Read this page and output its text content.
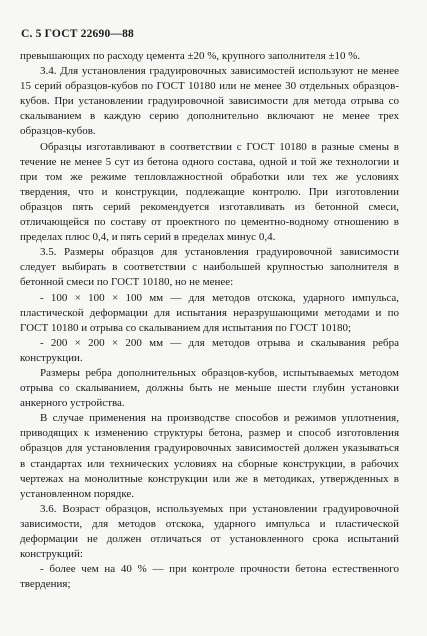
С. 5 ГОСТ 22690—88

превышающих по расходу цемента ±20 %, крупного заполнителя ±10 %.

3.4. Для установления градуировочных зависимостей используют не менее 15 серий образцов-кубов по ГОСТ 10180 или не менее 30 отдельных образцов-кубов. При установлении градуировочной зависимости для метода отрыва со скалыванием в каждую серию дополнительно включают не менее трех образцов-кубов.

Образцы изготавливают в соответствии с ГОСТ 10180 в разные смены в течение не менее 5 сут из бетона одного состава, одной и той же технологии и при том же режиме тепловлажностной обработки или тех же условиях твердения, что и конструкции, подлежащие контролю. При изготовлении образцов пять серий рекомендуется изготавливать из бетонной смеси, отличающейся по составу от проектного по цементно-водному отношению в пределах плюс 0,4, и пять серий в пределах минус 0,4.

3.5. Размеры образцов для установления градуировочной зависимости следует выбирать в соответствии с наибольшей крупностью заполнителя в бетонной смеси по ГОСТ 10180, но не менее:

- 100 × 100 × 100 мм — для методов отскока, ударного импульса, пластической деформации для испытания неразрушающими методами и по ГОСТ 10180 и отрыва со скалыванием для испытания по ГОСТ 10180;

- 200 × 200 × 200 мм — для методов отрыва и скалывания ребра конструкции.

Размеры ребра дополнительных образцов-кубов, испытываемых методом отрыва со скалыванием, должны быть не меньше шести глубин установки анкерного устройства.

В случае применения на производстве способов и режимов уплотнения, приводящих к изменению структуры бетона, размер и способ изготовления образцов для установления градуировочных зависимостей должен указываться в стандартах или технических условиях на сборные конструкции, в рабочих чертежах на монолитные конструкции или же в методиках, утвержденных в установленном порядке.

3.6. Возраст образцов, используемых при установлении градуировочной зависимости, для методов отскока, ударного импульса и пластической деформации не должен отличаться от установленного срока испытаний конструкций:

- более чем на 40 % — при контроле прочности бетона естественного твердения;
